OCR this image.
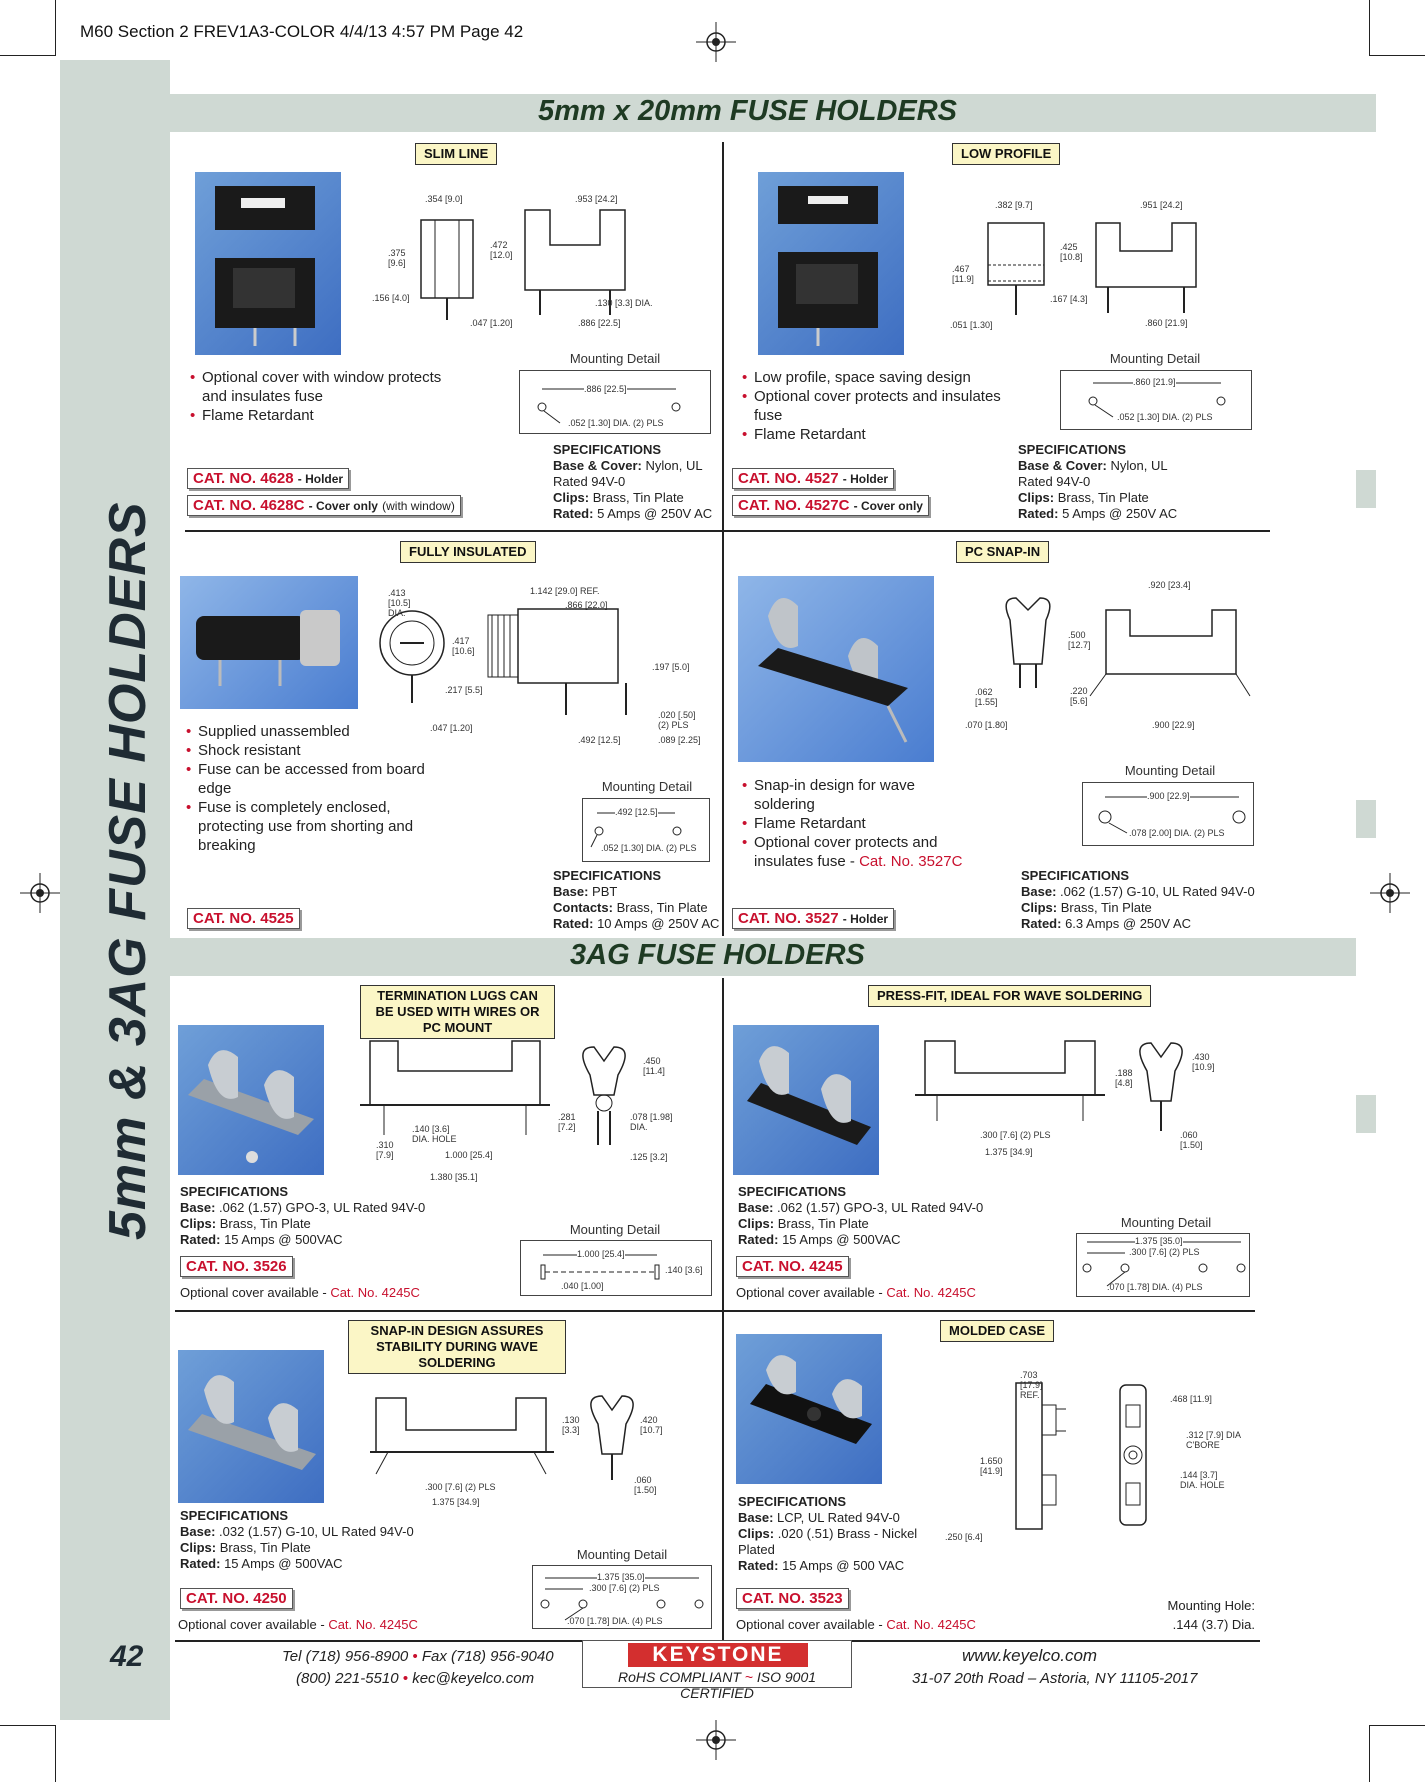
M60 Section 2 FREV1A3-COLOR 4/4/13 4:57 PM Page 42
5mm & 3AG FUSE HOLDERS
42
5mm x 20mm FUSE HOLDERS
SLIM LINE
.354 [9.0]	.953 [24.2]
.375 [9.6]
.472 [12.0]
.156 [4.0]	.130 [3.3] DIA.
.047 [1.20]	.886 [22.5]
• Optional cover with window protects and insulates fuse
• Flame Retardant
Mounting Detail
.886 [22.5]
.052 [1.30] DIA. (2) PLS
SPECIFICATIONS
Base & Cover: Nylon, UL Rated 94V-0
Clips: Brass, Tin Plate
Rated: 5 Amps @ 250V AC
CAT. NO. 4628 - Holder
CAT. NO. 4628C - Cover only (with window)
LOW PROFILE
.382 [9.7]	.951 [24.2]
.425 [10.8]
.467 [11.9]
.167 [4.3]
.051 [1.30]	.860 [21.9]
• Low profile, space saving design
• Optional cover protects and insulates fuse
• Flame Retardant
Mounting Detail
.860 [21.9]
.052 [1.30] DIA. (2) PLS
SPECIFICATIONS
Base & Cover: Nylon, UL Rated 94V-0
Clips: Brass, Tin Plate
Rated: 5 Amps @ 250V AC
CAT. NO. 4527 - Holder
CAT. NO. 4527C - Cover only
FULLY INSULATED
.413 [10.5] DIA.
1.142 [29.0] REF.
.866 [22.0]
.417 [10.6]
.197 [5.0]
.217 [5.5]
.047 [1.20]
.020 [.50] (2) PLS
.492 [12.5]	.089 [2.25]
• Supplied unassembled
• Shock resistant
• Fuse can be accessed from board edge
• Fuse is completely enclosed, protecting use from shorting and breaking
Mounting Detail
.492 [12.5]
.052 [1.30] DIA. (2) PLS
SPECIFICATIONS
Base: PBT
Contacts: Brass, Tin Plate
Rated: 10 Amps @ 250V AC
CAT. NO. 4525
PC SNAP-IN
.920 [23.4]
.500 [12.7]
.062 [1.55]
.220 [5.6]
.070 [1.80]	.900 [22.9]
• Snap-in design for wave soldering
• Flame Retardant
• Optional cover protects and insulates fuse - Cat. No. 3527C
Mounting Detail
.900 [22.9]
.078 [2.00] DIA. (2) PLS
SPECIFICATIONS
Base: .062 (1.57) G-10, UL Rated 94V-0
Clips: Brass, Tin Plate
Rated: 6.3 Amps @ 250V AC
CAT. NO. 3527 - Holder
3AG FUSE HOLDERS
TERMINATION LUGS CAN BE USED WITH WIRES OR PC MOUNT
.450 [11.4]
.281 [7.2]
.078 [1.98] DIA.
.140 [3.6] DIA. HOLE
.310 [7.9]	1.000 [25.4]	.125 [3.2]
1.380 [35.1]
SPECIFICATIONS
Base: .062 (1.57) GPO-3, UL Rated 94V-0
Clips: Brass, Tin Plate
Rated: 15 Amps @ 500VAC
CAT. NO. 3526
Optional cover available - Cat. No. 4245C
Mounting Detail
1.000 [25.4]
.140 [3.6]
.040 [1.00]
PRESS-FIT, IDEAL FOR WAVE SOLDERING
.430 [10.9]
.188 [4.8]
.060 [1.50]
.300 [7.6] (2) PLS
1.375 [34.9]
SPECIFICATIONS
Base: .062 (1.57) GPO-3, UL Rated 94V-0
Clips: Brass, Tin Plate
Rated: 15 Amps @ 500VAC
CAT. NO. 4245
Optional cover available - Cat. No. 4245C
Mounting Detail
1.375 [35.0]
.300 [7.6] (2) PLS
.070 [1.78] DIA. (4) PLS
SNAP-IN DESIGN ASSURES STABILITY DURING WAVE SOLDERING
.130 [3.3]
.420 [10.7]
.060 [1.50]
.300 [7.6] (2) PLS
1.375 [34.9]
SPECIFICATIONS
Base: .032 (1.57) G-10, UL Rated 94V-0
Clips: Brass, Tin Plate
Rated: 15 Amps @ 500VAC
CAT. NO. 4250
Optional cover available - Cat. No. 4245C
Mounting Detail
1.375 [35.0]
.300 [7.6] (2) PLS
.070 [1.78] DIA. (4) PLS
MOLDED CASE
.703 [17.9] REF.	.468 [11.9]
.312 [7.9] DIA C'BORE
1.650 [41.9]	.144 [3.7] DIA. HOLE
.250 [6.4]
SPECIFICATIONS
Base: LCP, UL Rated 94V-0
Clips: .020 (.51) Brass - Nickel Plated
Rated: 15 Amps @ 500 VAC
CAT. NO. 3523
Optional cover available - Cat. No. 4245C
Mounting Hole:
.144 (3.7) Dia.
Tel (718) 956-8900 • Fax (718) 956-9040
(800) 221-5510 • kec@keyelco.com
KEYSTONE
RoHS COMPLIANT ~ ISO 9001 CERTIFIED
www.keyelco.com
31-07 20th Road – Astoria, NY 11105-2017
